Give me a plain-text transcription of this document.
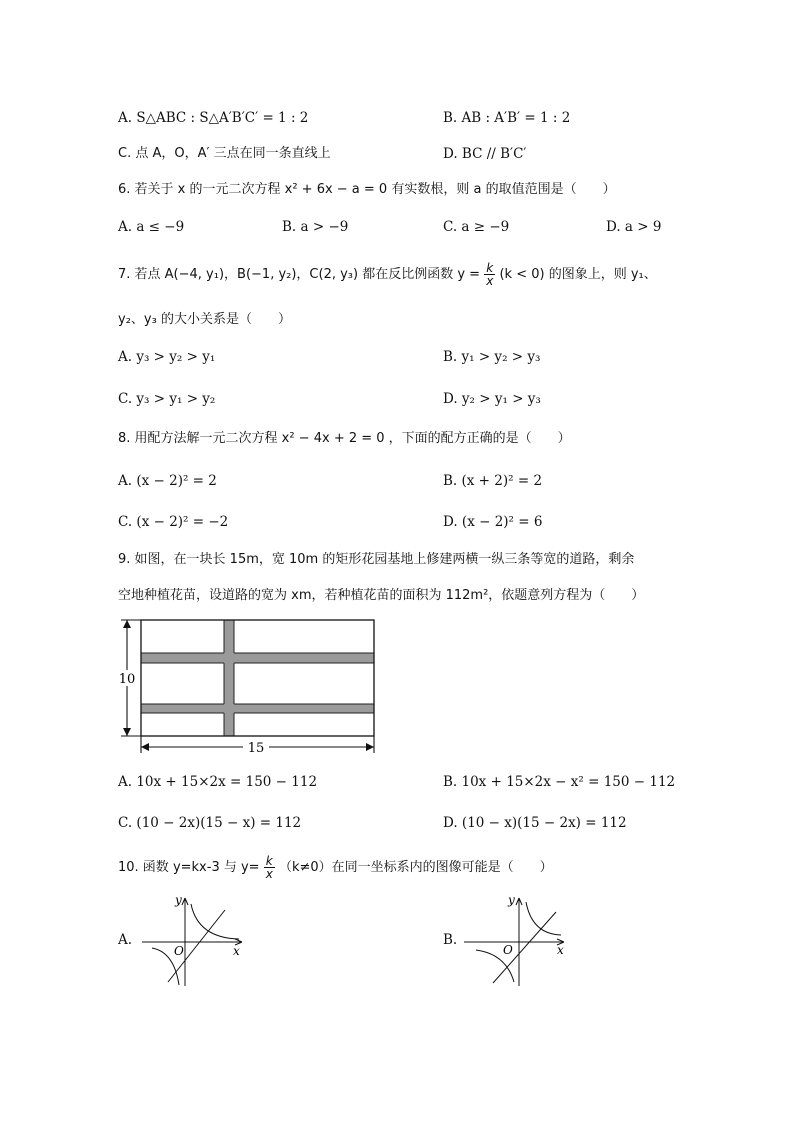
A. S△ABC : S△A′B′C′ = 1 : 2	B. AB : A′B′ = 1 : 2
C. 点 A，O，A′ 三点在同一条直线上	D. BC // B′C′
6. 若关于 x 的一元二次方程 x² + 6x − a = 0 有实数根，则 a 的取值范围是（　　）
A. a ≤ −9	B. a > −9	C. a ≥ −9	D. a > 9
7. 若点 A(−4, y₁)，B(−1, y₂)，C(2, y₃) 都在反比例函数 $y = \frac{k}{x} (k < 0)$ 的图象上，则 y₁、
y₂、y₃ 的大小关系是（　　）
A. y₃ > y₂ > y₁	B. y₁ > y₂ > y₃
C. y₃ > y₁ > y₂	D. y₂ > y₁ > y₃
8. 用配方法解一元二次方程 x² − 4x + 2 = 0 ，下面的配方正确的是（　　）
A. (x − 2)² = 2	B. (x + 2)² = 2
C. (x − 2)² = −2	D. (x − 2)² = 6
9. 如图，在一块长 15m，宽 10m 的矩形花园基地上修建两横一纵三条等宽的道路，剩余
空地种植花苗，设道路的宽为 xm，若种植花苗的面积为 112m²，依题意列方程为（　　）
10
15
A. 10x + 15×2x = 150 − 112	B. 10x + 15×2x − x² = 150 − 112
C. (10 − 2x)(15 − x) = 112	D. (10 − x)(15 − 2x) = 112
10. 函数 y=kx-3 与 $y= \frac{k}{x} (k\ne 0)$在同一坐标系内的图像可能是（　　）
A.
y
x
O
B.
y
x
O
